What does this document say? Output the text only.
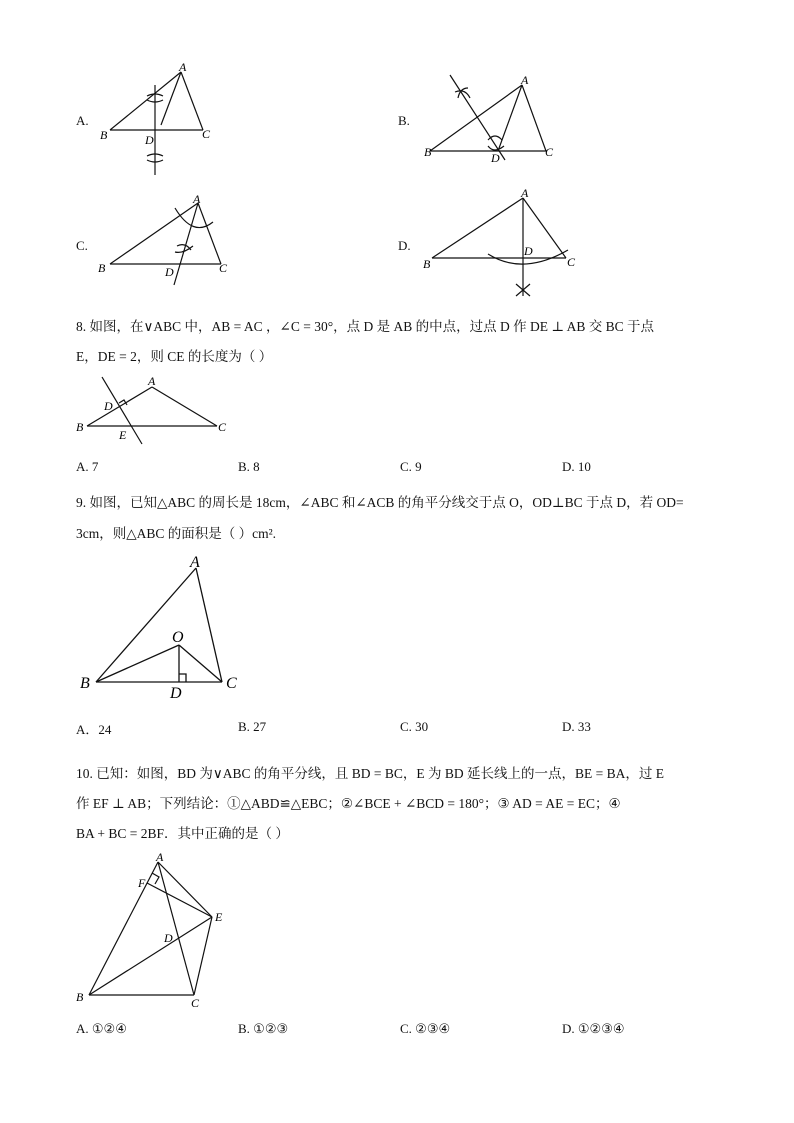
A.
A
B	C
D
B.
A
B	C
D
C.
A
B	C
D
D.
A
B	C
D
8. 如图，在∨ABC 中，AB = AC ，∠C = 30°，点 D 是 AB 的中点，过点 D 作 DE ⊥ AB 交 BC 于点
E，DE = 2，则 CE 的长度为（ ）
A
B	C
D
E
A. 7	B. 8	C. 9	D. 10
9. 如图，已知△ABC 的周长是 18cm，∠ABC 和∠ACB 的角平分线交于点 O，OD⊥BC 于点 D，若 OD=
3cm，则△ABC 的面积是（ ）cm².
A
B	C
O
D
A．24	B. 27	C. 30	D. 33
10. 已知：如图，BD 为∨ABC 的角平分线，且 BD = BC，E 为 BD 延长线上的一点，BE = BA，过 E
作 EF ⊥ AB；下列结论：①△ABD≌△EBC；②∠BCE + ∠BCD = 180°；③ AD = AE = EC；④
BA + BC = 2BF．其中正确的是（ ）
A
B	C
D
E
F
A. ①②④	B. ①②③	C. ②③④	D. ①②③④
